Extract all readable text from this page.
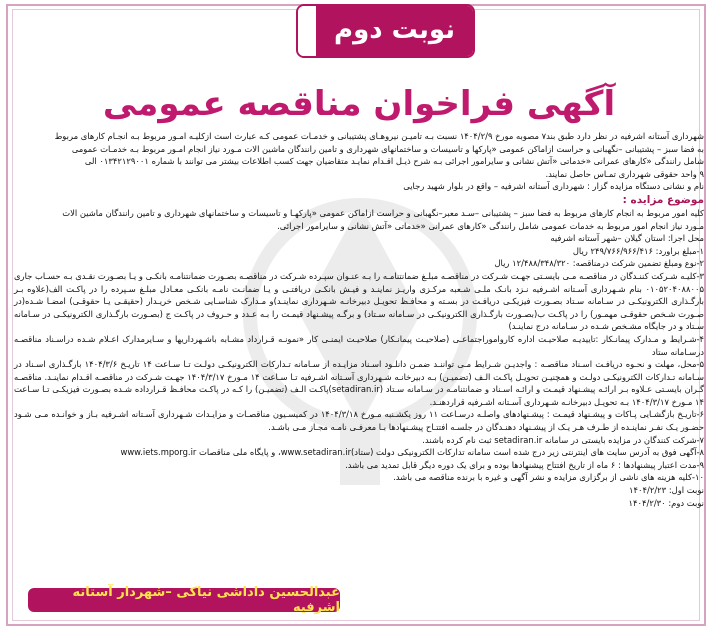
نوبت دوم
آگهی فراخوان مناقصه عمومی

شهرداری آستانه اشرفیه در نظر دارد طبق بند۷ مصوبه مورخ ۱۴۰۴/۲/۹ نسبت بـه تامیـن نیروهـای پشتیبانی و خدمـات عمومی کـه عبارت است ازکلیـه امـور مربوط بـه انجـام کارهای مربوط

به فضا سبز – پشتیبانی –نگهبانی و حراست ازاماکن عمومی «پارکها و تاسیسات و ساختمانهای شهرداری و تامین رانندگان ماشین الات مـورد نیاز انجام امـور مربوط بـه خدمـات عمومی

شامل رانندگی «کارهای عمرانی «خدماتی «آتش نشانی و سایرامور اجرائی بـه شرح ذیـل اقـدام نمایـد متقاضیان جهت کسب اطلاعات بیشتر می توانند با شماره ۰۱۳۴۲۱۲۹۰۰۱ الی

۹ واحد حقوقی شهرداری تمـاس حاصل نمایند.

نام و نشانی دستگاه مزایده گزار : شهرداری آستانه اشرفیه – واقع در بلوار شهید رجایی

موضوع مزایده :

کلیه امور مربوط به انجام کارهای مربوط به فضا سبز – پشتیبانی –سـد معبر–نگهبانی و حراست ازاماکن عمومی «پارکهـا و تاسیسات و ساختمانهای شهرداری و تامین رانندگان ماشین الات

مـورد نیاز انجام امور مربوط به خدمات عمومی شامل رانندگی «کارهای عمرانی «خدماتی «آتش نشانی و سایرامور اجرائی.

محل اجرا: استان گیلان –شهر آستانه اشرفیه

۱-مبلغ براورد: ۲۴۹/۷۶۶/۹۶۶/۴۱۶ ریال

۲-نوع ومبلغ تضمین شرکت درمناقصه: ۱۲/۴۸۸/۳۴۸/۳۲۰ ریال

۳-کلیـه شـرکت کننـدگان در مناقصـه مـی بایسـتی جهـت شـرکت در مناقصـه مبلـغ ضمانتنامـه را بـه عنـوان سپـرده شـرکت در مناقصـه بصـورت ضمانتنامـه بانکـی و یـا بصـورت نقـدی بـه حسـاب جاری ۰۱۰۵۲۰۴۰۸۸۰۰۵ بنام شـهرداری آسـتانه اشـرفیه نـزد بانـک ملـی شـعبه مرکـزی واریـز نماینـد و فیـش بانکـی دریافتـی و یـا ضمانـت نامـه بانکـی معـادل مبلـغ سـپرده را در پاکـت الف(علاوه بـر بارگـذاری الکترونیکـی در سـامانه سـتاد بصـورت فیزیکـی دریافـت در بسـته و محافـظ تحویـل دبیرخانـه شـهرداری نماینـد)و مـدارک شناسـایی شـخص خریـدار (حقیقـی یـا حقوقـی) امضـا شـده(در صـورت شـخص حقوقـی مهمـور) را در پاکـت ب(بصـورت بارگـذاری الکترونیکـی در سـامانه سـتاد) و برگـه پیشـنهاد قیمـت را بـه عـدد و حـروف در پاکـت ج (بصـورت بارگـذاری الکترونیکـی در سـامانه سـتاد و در جایگاه مشـخص شـده در سـامانه درج نماینـد)

۴-شـرایط و مـدارک پیمانـکار :تاییدیـه صلاحیـت اداره کارواموراجتماعـی (صلاحیـت پیمانـکار) صلاحیـت ایمنـی کار «نمونـه قـرارداد مشـابه باشـهرداریها و سـایرمدارک اعـلام شـده دراسـناد مناقصـه درسـامانه ستاد

۵-محل، مهلت و نحـوه دریافـت اسـناد مناقصـه : واجدیـن شـرایط مـی تواننـد ضمـن دانلـود اسـناد مزایـده از سـامانه تـدارکات الکترونیکـی دولـت تـا سـاعت ۱۴ تاریـخ ۱۴۰۴/۳/۶ بارگـذاری اسـناد در سـامانه تـدارکات الکترونیکـی دولـت و همچنیـن تحویـل پاکـت الـف (تضمیـن) بـه دبیرخانـه شـهرداری آسـتانه اشـرفیه تـا سـاعت ۱۴ مـورخ ۱۴۰۴/۳/۱۷ جهـت شـرکت در مناقصـه اقـدام نماینـد. مناقصـه گـران بایسـتی عـلاوه بـر ارائـه پیشـنهاد قیمـت و ارائـه اسـناد و ضمانتنامـه در سـامانه سـتاد (setadiran.ir)پاکـت الـف (تضمیـن) را کـه در پاکـت محافـظ قـرارداده شـده بصـورت فیزیکـی تـا سـاعت ۱۴ مـورخ ۱۴۰۴/۳/۱۷ بـه تحویـل دبیرخانـه شـهرداری آسـتانه اشـرفیه قراردهنـد.

۶-تاریـخ بازگشـایی پـاکات و پیشـنهاد قیمـت : پیشـنهادهای واصلـه درسـاعت ۱۱ روز یکشـنبه مـورخ ۱۴۰۴/۳/۱۸ در کمیسـیون مناقصـات و مزایـدات شـهرداری آسـتانه اشـرفیه بـاز و خوانـده مـی شـود حضـور یـک نفـر نماینـده از طـرف هـر یـک از پیشـنهاد دهنـدگان در جلسـه افتتـاح پیشـنهادها بـا معرفـی نامـه مجـاز مـی باشـد.

۷-شرکت کنندگان در مزایده بایستی در سامانه setadiran.ir ثبت نام کرده باشند.

۸-آگهی فوق به آدرس سایت های اینترنتی زیر درج شده است سامانه تدارکات الکترونیکی دولت (ستاد)www.setadiran.ir، و پایگاه ملی مناقصات www.iets.mporg.ir

۹-مدت اعتبار پیشنهادها : ۶ ماه از تاریخ افتتاح پیشنهادها بوده و برای یک دوره دیگر قابل تمدید می باشد.

۱۰-کلیه هزینه های ناشی از برگزاری مزایده و نشر آگهی و غیره با برنده مناقصه می باشد.

نوبت اول: ۱۴۰۴/۲/۲۳

نوبت دوم: ۱۴۰۴/۲/۳۰

عبدالحسین داداشی نیاکی –شهردار آستانه اشرفیه
